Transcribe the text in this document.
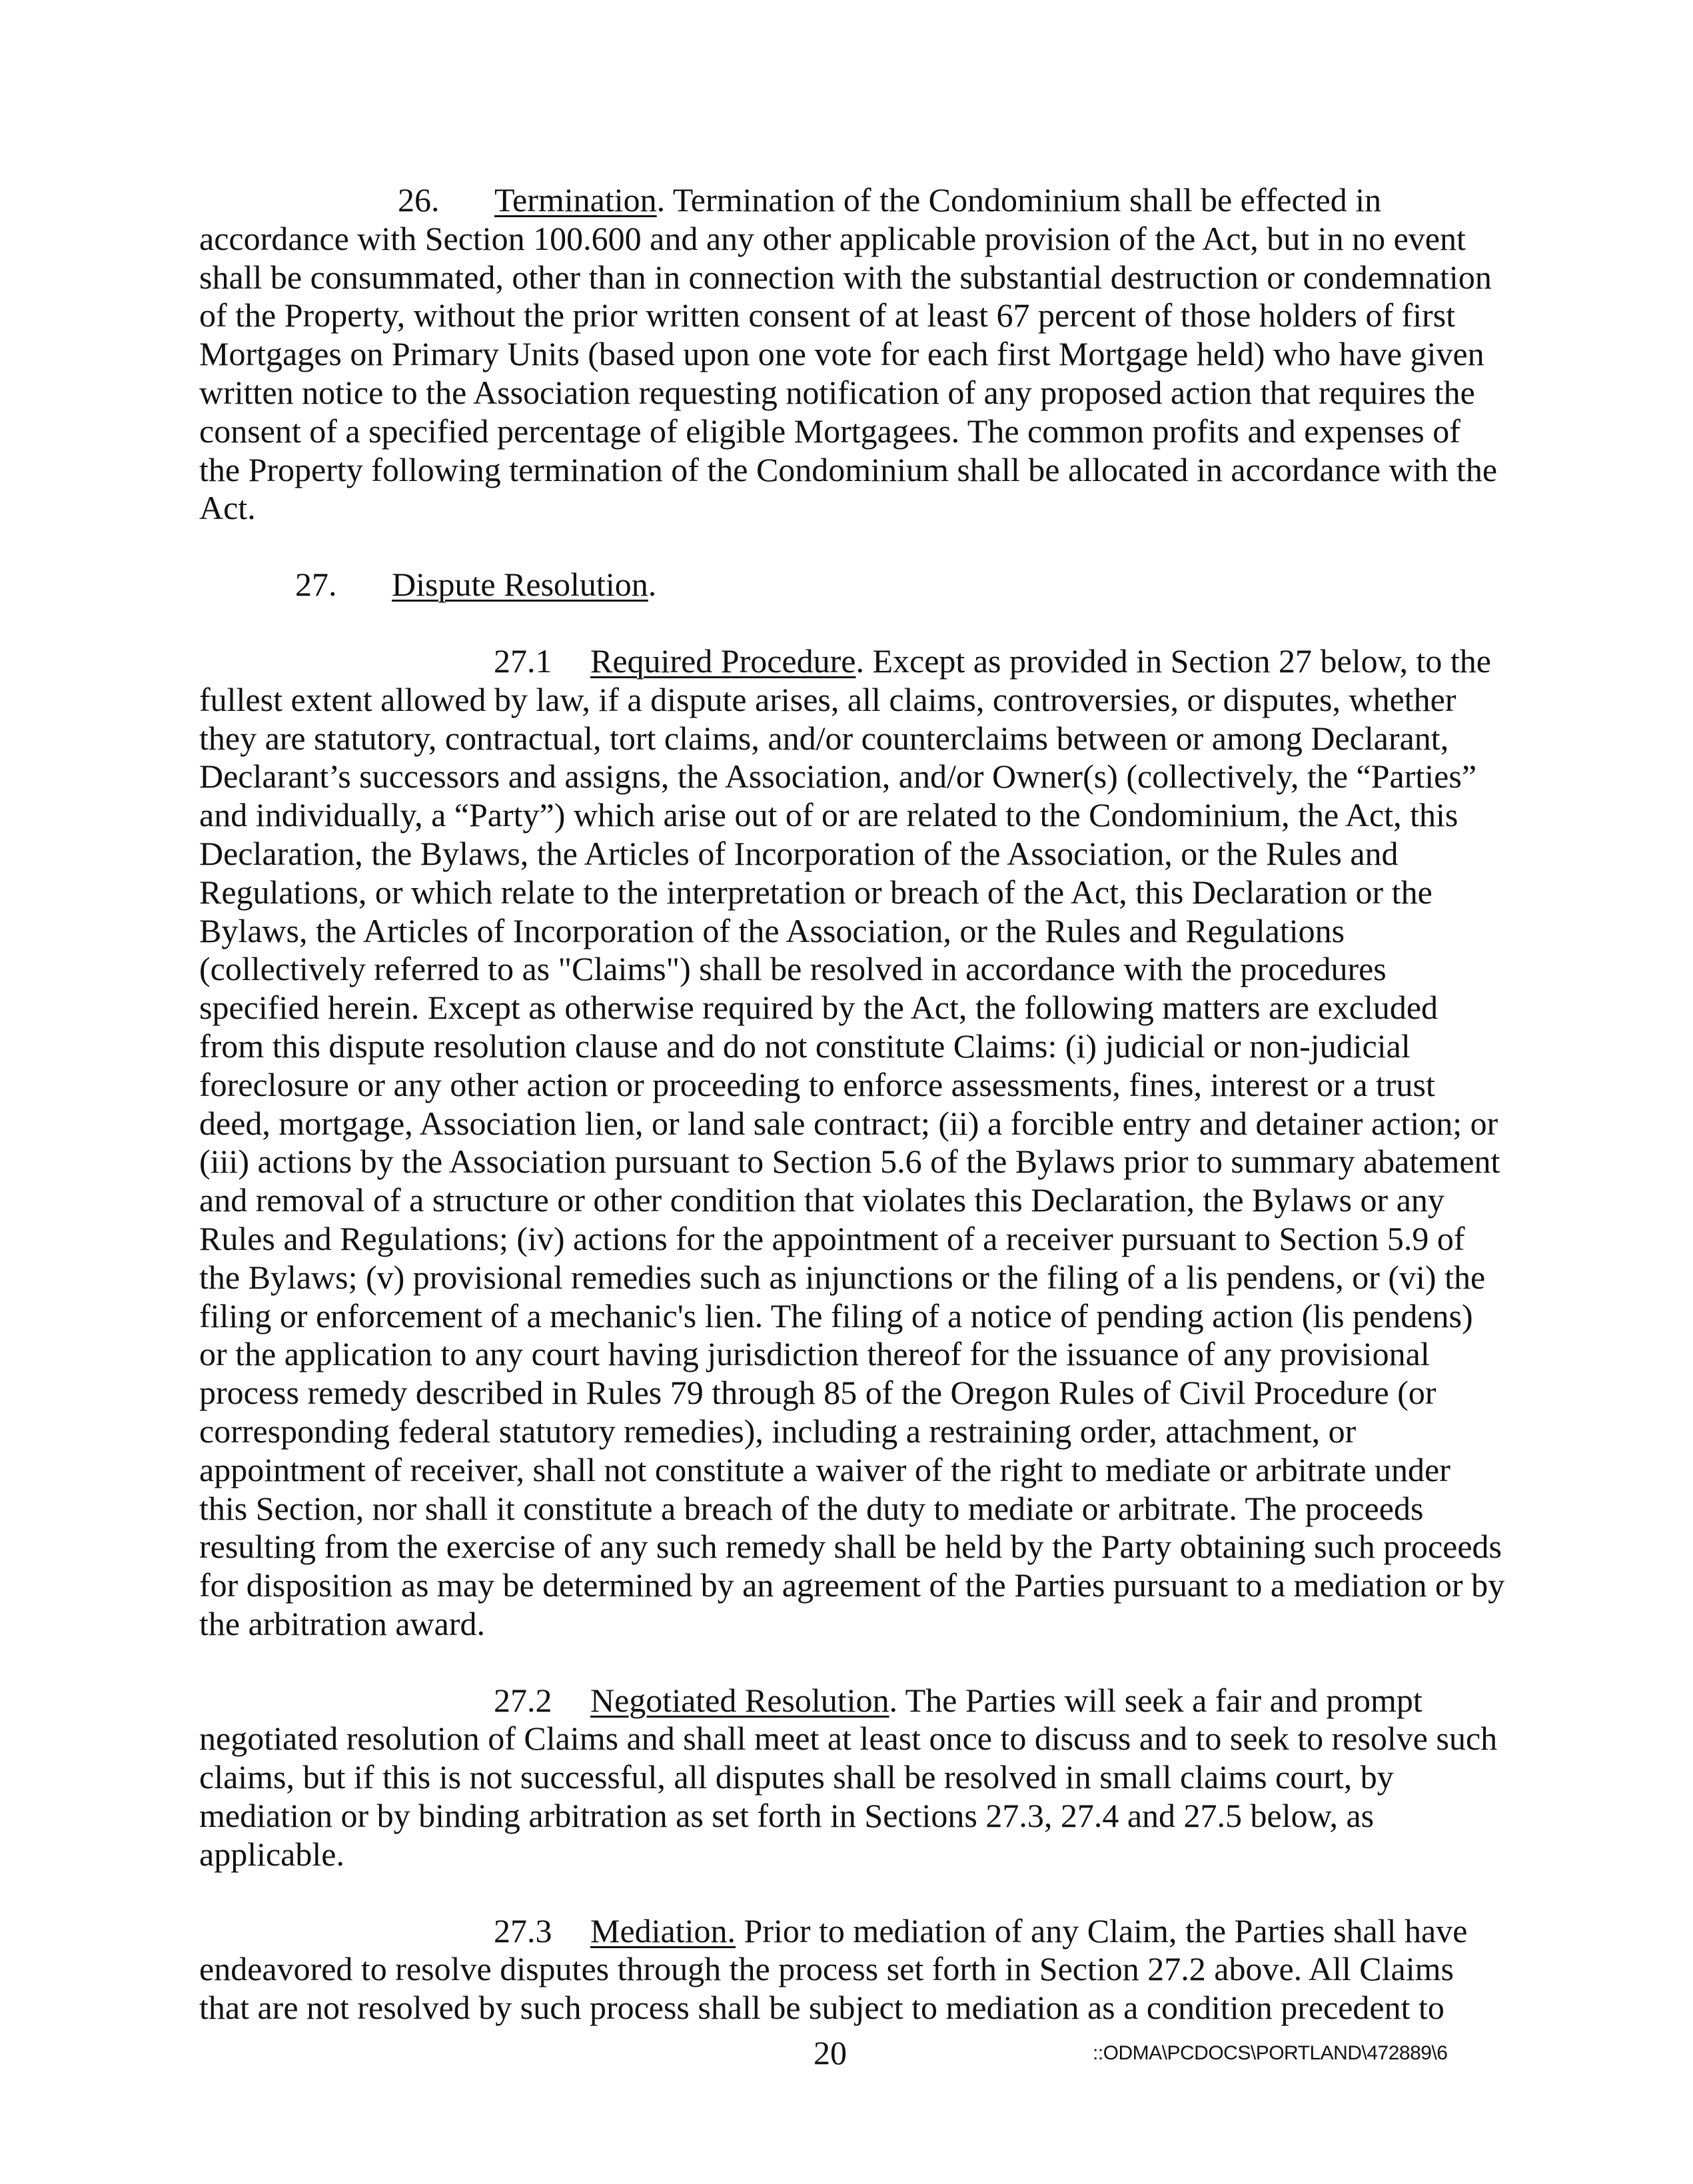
26. Termination. Termination of the Condominium shall be effected in accordance with Section 100.600 and any other applicable provision of the Act, but in no event shall be consummated, other than in connection with the substantial destruction or condemnation of the Property, without the prior written consent of at least 67 percent of those holders of first Mortgages on Primary Units (based upon one vote for each first Mortgage held) who have given written notice to the Association requesting notification of any proposed action that requires the consent of a specified percentage of eligible Mortgagees. The common profits and expenses of the Property following termination of the Condominium shall be allocated in accordance with the Act.

27. Dispute Resolution.

27.1 Required Procedure. Except as provided in Section 27 below, to the fullest extent allowed by law, if a dispute arises, all claims, controversies, or disputes, whether they are statutory, contractual, tort claims, and/or counterclaims between or among Declarant, Declarant’s successors and assigns, the Association, and/or Owner(s) (collectively, the “Parties” and individually, a “Party”) which arise out of or are related to the Condominium, the Act, this Declaration, the Bylaws, the Articles of Incorporation of the Association, or the Rules and Regulations, or which relate to the interpretation or breach of the Act, this Declaration or the Bylaws, the Articles of Incorporation of the Association, or the Rules and Regulations (collectively referred to as "Claims") shall be resolved in accordance with the procedures specified herein. Except as otherwise required by the Act, the following matters are excluded from this dispute resolution clause and do not constitute Claims: (i) judicial or non-judicial foreclosure or any other action or proceeding to enforce assessments, fines, interest or a trust deed, mortgage, Association lien, or land sale contract; (ii) a forcible entry and detainer action; or (iii) actions by the Association pursuant to Section 5.6 of the Bylaws prior to summary abatement and removal of a structure or other condition that violates this Declaration, the Bylaws or any Rules and Regulations; (iv) actions for the appointment of a receiver pursuant to Section 5.9 of the Bylaws; (v) provisional remedies such as injunctions or the filing of a lis pendens, or (vi) the filing or enforcement of a mechanic's lien. The filing of a notice of pending action (lis pendens) or the application to any court having jurisdiction thereof for the issuance of any provisional process remedy described in Rules 79 through 85 of the Oregon Rules of Civil Procedure (or corresponding federal statutory remedies), including a restraining order, attachment, or appointment of receiver, shall not constitute a waiver of the right to mediate or arbitrate under this Section, nor shall it constitute a breach of the duty to mediate or arbitrate. The proceeds resulting from the exercise of any such remedy shall be held by the Party obtaining such proceeds for disposition as may be determined by an agreement of the Parties pursuant to a mediation or by the arbitration award.

27.2 Negotiated Resolution. The Parties will seek a fair and prompt negotiated resolution of Claims and shall meet at least once to discuss and to seek to resolve such claims, but if this is not successful, all disputes shall be resolved in small claims court, by mediation or by binding arbitration as set forth in Sections 27.3, 27.4 and 27.5 below, as applicable.

27.3 Mediation. Prior to mediation of any Claim, the Parties shall have endeavored to resolve disputes through the process set forth in Section 27.2 above. All Claims that are not resolved by such process shall be subject to mediation as a condition precedent to

20	::ODMA\PCDOCS\PORTLAND\472889\6
